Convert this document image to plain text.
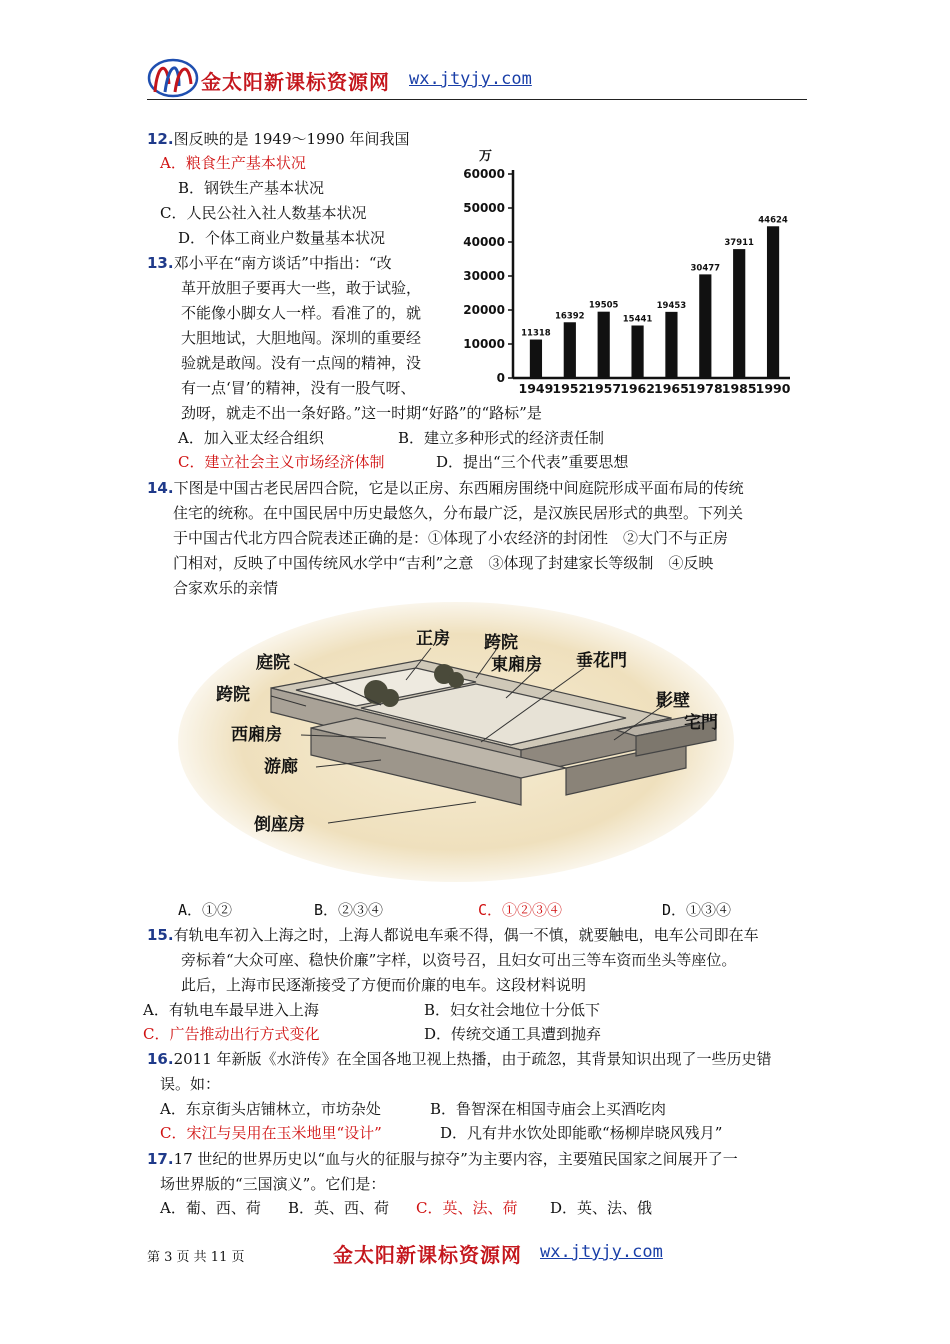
金太阳新课标资源网 wx.jtyjy.com
12.图反映的是 1949～1990 年间我国
A．粮食生产基本状况
B．钢铁生产基本状况
C．人民公社入社人数基本状况
D．个体工商业户数量基本状况
万
0
10000
20000
30000
40000
50000
60000
11318
1949
16392
1952
19505
1957
15441
1962
19453
1965
30477
1978
37911
1985
44624
1990
13.邓小平在“南方谈话”中指出：“改
革开放胆子要再大一些，敢于试验，
不能像小脚女人一样。看准了的，就
大胆地试，大胆地闯。深圳的重要经
验就是敢闯。没有一点闯的精神，没
有一点‘冒’的精神，没有一股气呀、
劲呀，就走不出一条好路。”这一时期“好路”的“路标”是
A．加入亚太经合组织	B．建立多种形式的经济责任制
C．建立社会主义市场经济体制	D．提出“三个代表”重要思想
14.下图是中国古老民居四合院，它是以正房、东西厢房围绕中间庭院形成平面布局的传统
住宅的统称。在中国民居中历史最悠久，分布最广泛，是汉族民居形式的典型。下列关
于中国古代北方四合院表述正确的是：①体现了小农经济的封闭性　②大门不与正房
门相对，反映了中国传统风水学中“吉利”之意　③体现了封建家长等级制　④反映
合家欢乐的亲情
正房 跨院
庭院	東廂房 垂花門
跨院	影壁
宅門
西廂房
游廊
倒座房
A．①②	B．②③④	C．①②③④	D．①③④
15.有轨电车初入上海之时，上海人都说电车乘不得，偶一不慎，就要触电，电车公司即在车
旁标着“大众可座、稳快价廉”字样，以资号召，且妇女可出三等车资而坐头等座位。
此后，上海市民逐渐接受了方便而价廉的电车。这段材料说明
A．有轨电车最早进入上海	B．妇女社会地位十分低下
C．广告推动出行方式变化	D．传统交通工具遭到抛弃
16.2011 年新版《水浒传》在全国各地卫视上热播，由于疏忽，其背景知识出现了一些历史错
误。如：
A．东京街头店铺林立，市坊杂处	B．鲁智深在相国寺庙会上买酒吃肉
C．宋江与吴用在玉米地里“设计”	D．凡有井水饮处即能歌“杨柳岸晓风残月”
17.17 世纪的世界历史以“血与火的征服与掠夺”为主要内容，主要殖民国家之间展开了一
场世界版的“三国演义”。它们是：
A．葡、西、荷 B．英、西、荷 C．英、法、荷 D．英、法、俄
第 3 页 共 11 页	金太阳新课标资源网 wx.jtyjy.com
